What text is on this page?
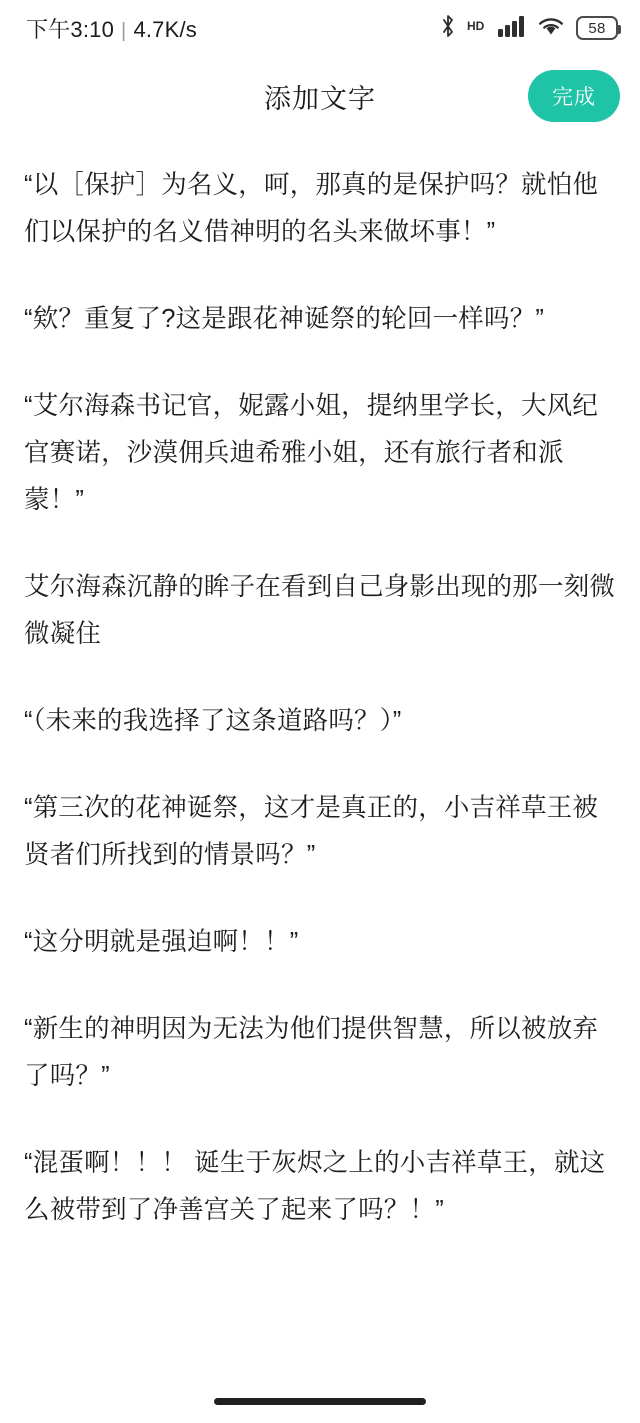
下午3:10 | 4.7K/s	HD	58
添加文字	完成

“以［保护］为名义，呵，那真的是保护吗？就怕他们以保护的名义借神明的名头来做坏事！”

“欸？重复了?这是跟花神诞祭的轮回一样吗？”

“艾尔海森书记官，妮露小姐，提纳里学长，大风纪官赛诺，沙漠佣兵迪希雅小姐，还有旅行者和派蒙！”

艾尔海森沉静的眸子在看到自己身影出现的那一刻微微凝住

“（未来的我选择了这条道路吗？）”

“第三次的花神诞祭，这才是真正的，小吉祥草王被贤者们所找到的情景吗？”

“这分明就是强迫啊！！”

“新生的神明因为无法为他们提供智慧，所以被放弃了吗？”

“混蛋啊！！！ 诞生于灰烬之上的小吉祥草王，就这么被带到了净善宫关了起来了吗？！”
